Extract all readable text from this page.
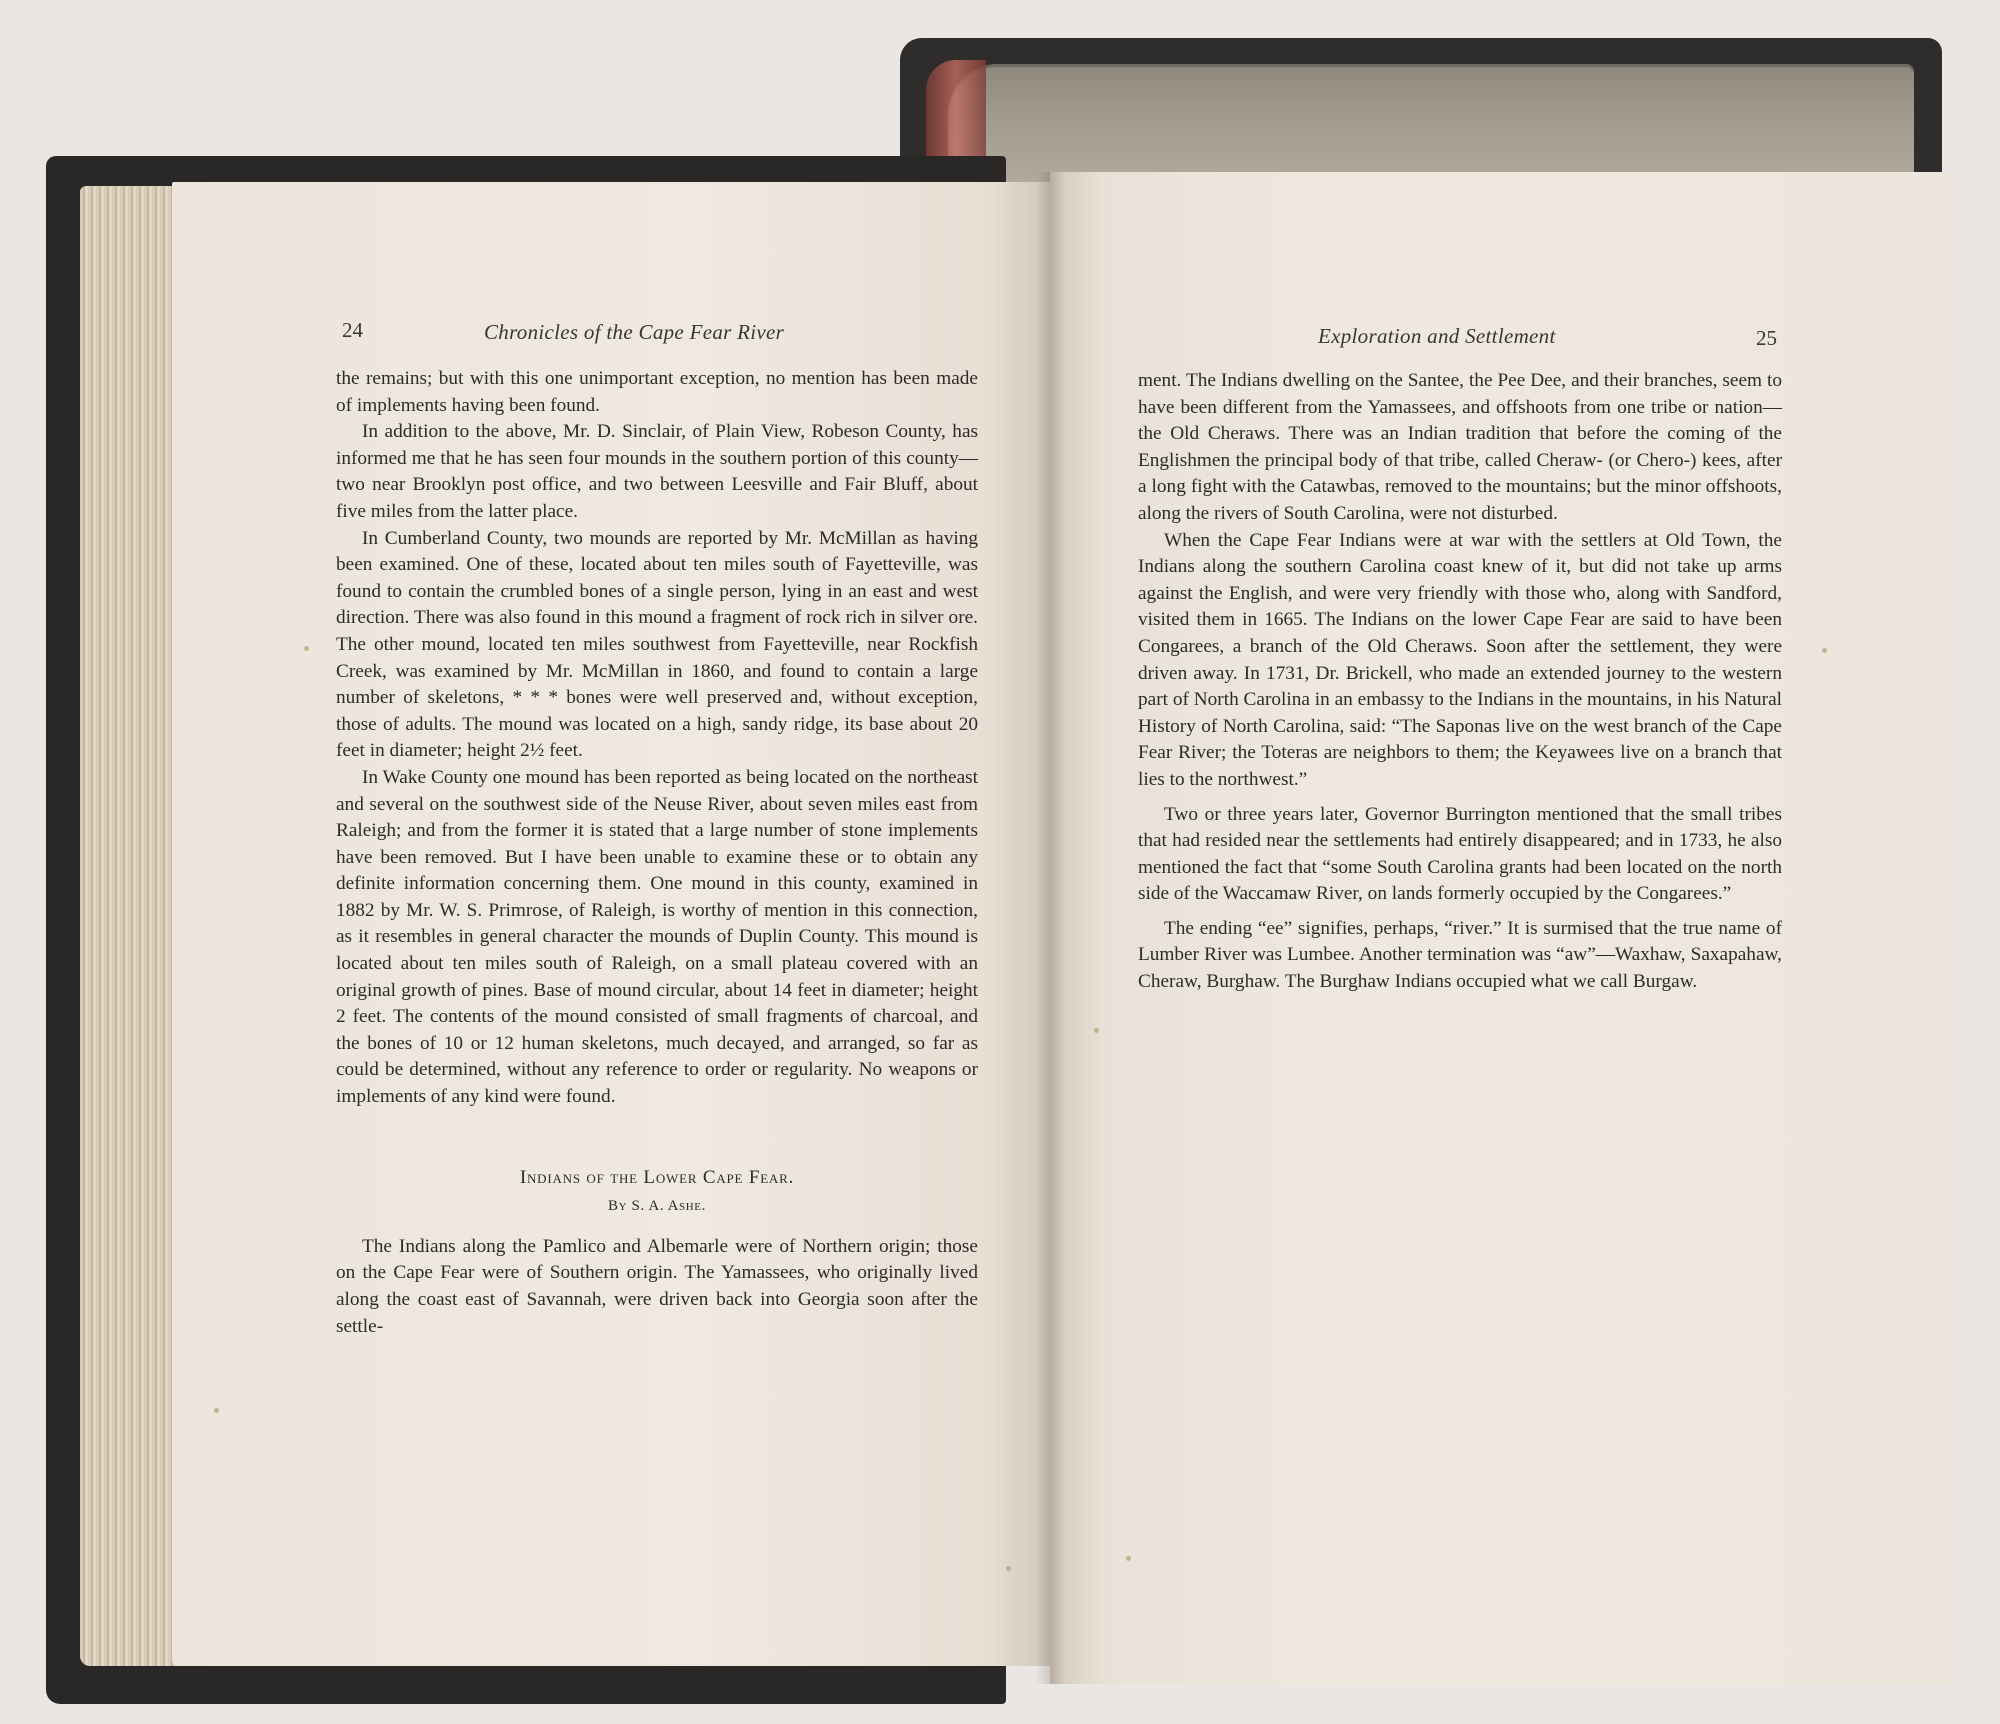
24	Chronicles of the Cape Fear River

the remains; but with this one unimportant exception, no mention has been made of implements having been found.

In addition to the above, Mr. D. Sinclair, of Plain View, Robeson County, has informed me that he has seen four mounds in the southern portion of this county—two near Brooklyn post office, and two between Leesville and Fair Bluff, about five miles from the latter place.

In Cumberland County, two mounds are reported by Mr. McMillan as having been examined. One of these, located about ten miles south of Fayetteville, was found to contain the crumbled bones of a single person, lying in an east and west direction. There was also found in this mound a fragment of rock rich in silver ore. The other mound, located ten miles southwest from Fayetteville, near Rockfish Creek, was examined by Mr. McMillan in 1860, and found to contain a large number of skeletons, * * * bones were well preserved and, without exception, those of adults. The mound was located on a high, sandy ridge, its base about 20 feet in diameter; height 2½ feet.

In Wake County one mound has been reported as being located on the northeast and several on the southwest side of the Neuse River, about seven miles east from Raleigh; and from the former it is stated that a large number of stone implements have been removed. But I have been unable to examine these or to obtain any definite information concerning them. One mound in this county, examined in 1882 by Mr. W. S. Primrose, of Raleigh, is worthy of mention in this connection, as it resembles in general character the mounds of Duplin County. This mound is located about ten miles south of Raleigh, on a small plateau covered with an original growth of pines. Base of mound circular, about 14 feet in diameter; height 2 feet. The contents of the mound consisted of small fragments of charcoal, and the bones of 10 or 12 human skeletons, much decayed, and arranged, so far as could be determined, without any reference to order or regularity. No weapons or implements of any kind were found.

Indians of the Lower Cape Fear.
By S. A. Ashe.

The Indians along the Pamlico and Albemarle were of Northern origin; those on the Cape Fear were of Southern origin. The Yamassees, who originally lived along the coast east of Savannah, were driven back into Georgia soon after the settle-

Exploration and Settlement	25

ment. The Indians dwelling on the Santee, the Pee Dee, and their branches, seem to have been different from the Yamassees, and offshoots from one tribe or nation—the Old Cheraws. There was an Indian tradition that before the coming of the Englishmen the principal body of that tribe, called Cheraw- (or Chero-) kees, after a long fight with the Catawbas, removed to the mountains; but the minor offshoots, along the rivers of South Carolina, were not disturbed.

When the Cape Fear Indians were at war with the settlers at Old Town, the Indians along the southern Carolina coast knew of it, but did not take up arms against the English, and were very friendly with those who, along with Sandford, visited them in 1665. The Indians on the lower Cape Fear are said to have been Congarees, a branch of the Old Cheraws. Soon after the settlement, they were driven away. In 1731, Dr. Brickell, who made an extended journey to the western part of North Carolina in an embassy to the Indians in the mountains, in his Natural History of North Carolina, said: “The Saponas live on the west branch of the Cape Fear River; the Toteras are neighbors to them; the Keyawees live on a branch that lies to the northwest.”

Two or three years later, Governor Burrington mentioned that the small tribes that had resided near the settlements had entirely disappeared; and in 1733, he also mentioned the fact that “some South Carolina grants had been located on the north side of the Waccamaw River, on lands formerly occupied by the Congarees.”

The ending “ee” signifies, perhaps, “river.” It is surmised that the true name of Lumber River was Lumbee. Another termination was “aw”—Waxhaw, Saxapahaw, Cheraw, Burghaw. The Burghaw Indians occupied what we call Burgaw.
